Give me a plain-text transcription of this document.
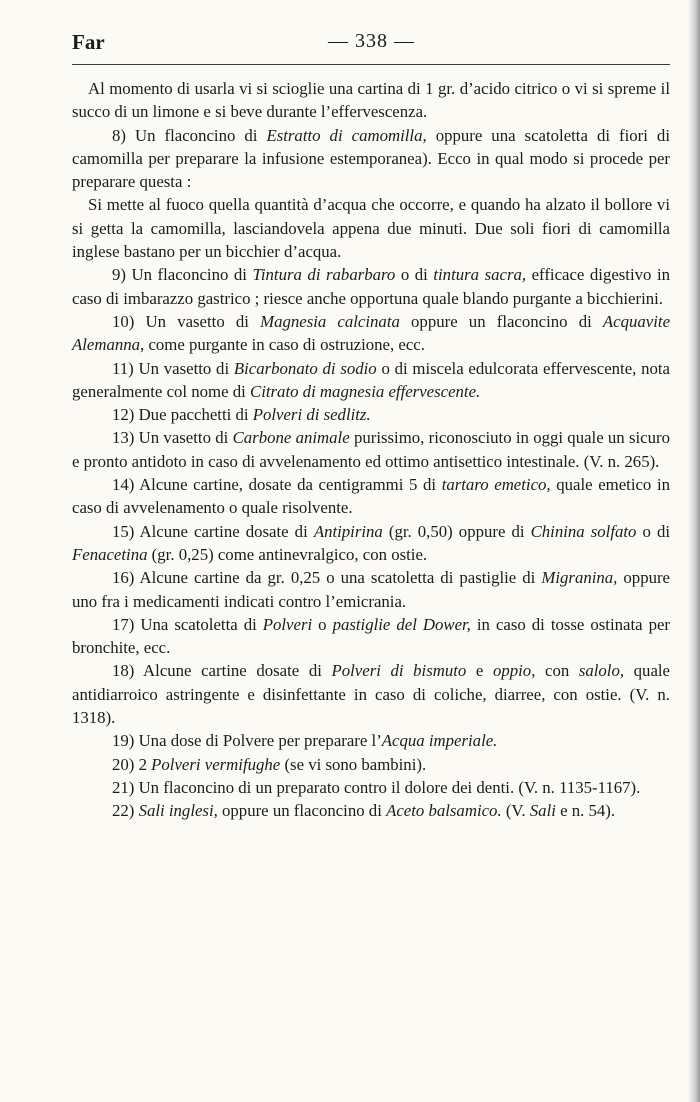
Far	— 338 —

Al momento di usarla vi si scioglie una cartina di 1 gr. d’acido citrico o vi si spreme il succo di un limone e si beve durante l’effervescenza.

8) Un flaconcino di Estratto di camomilla, oppure una scatoletta di fiori di camomilla per preparare la infusione estemporanea). Ecco in qual modo si procede per preparare questa :

Si mette al fuoco quella quantità d’acqua che occorre, e quando ha alzato il bollore vi si getta la camomilla, lasciandovela appena due minuti. Due soli fiori di camomilla inglese bastano per un bicchier d’acqua.

9) Un flaconcino di Tintura di rabarbaro o di tintura sacra, efficace digestivo in caso di imbarazzo gastrico ; riesce anche opportuna quale blando purgante a bicchierini.

10) Un vasetto di Magnesia calcinata oppure un flaconcino di Acquavite Alemanna, come purgante in caso di ostruzione, ecc.

11) Un vasetto di Bicarbonato di sodio o di miscela edulcorata effervescente, nota generalmente col nome di Citrato di magnesia effervescente.

12) Due pacchetti di Polveri di sedlitz.

13) Un vasetto di Carbone animale purissimo, riconosciuto in oggi quale un sicuro e pronto antidoto in caso di avvelenamento ed ottimo antisettico intestinale. (V. n. 265).

14) Alcune cartine, dosate da centigrammi 5 di tartaro emetico, quale emetico in caso di avvelenamento o quale risolvente.

15) Alcune cartine dosate di Antipirina (gr. 0,50) oppure di Chinina solfato o di Fenacetina (gr. 0,25) come antinevralgico, con ostie.

16) Alcune cartine da gr. 0,25 o una scatoletta di pastiglie di Migranina, oppure uno fra i medicamenti indicati contro l’emicrania.

17) Una scatoletta di Polveri o pastiglie del Dower, in caso di tosse ostinata per bronchite, ecc.

18) Alcune cartine dosate di Polveri di bismuto e oppio, con salolo, quale antidiarroico astringente e disinfettante in caso di coliche, diarree, con ostie. (V. n. 1318).

19) Una dose di Polvere per preparare l’Acqua imperiale.

20) 2 Polveri vermifughe (se vi sono bambini).

21) Un flaconcino di un preparato contro il dolore dei denti. (V. n. 1135-1167).

22) Sali inglesi, oppure un flaconcino di Aceto balsamico. (V. Sali e n. 54).
